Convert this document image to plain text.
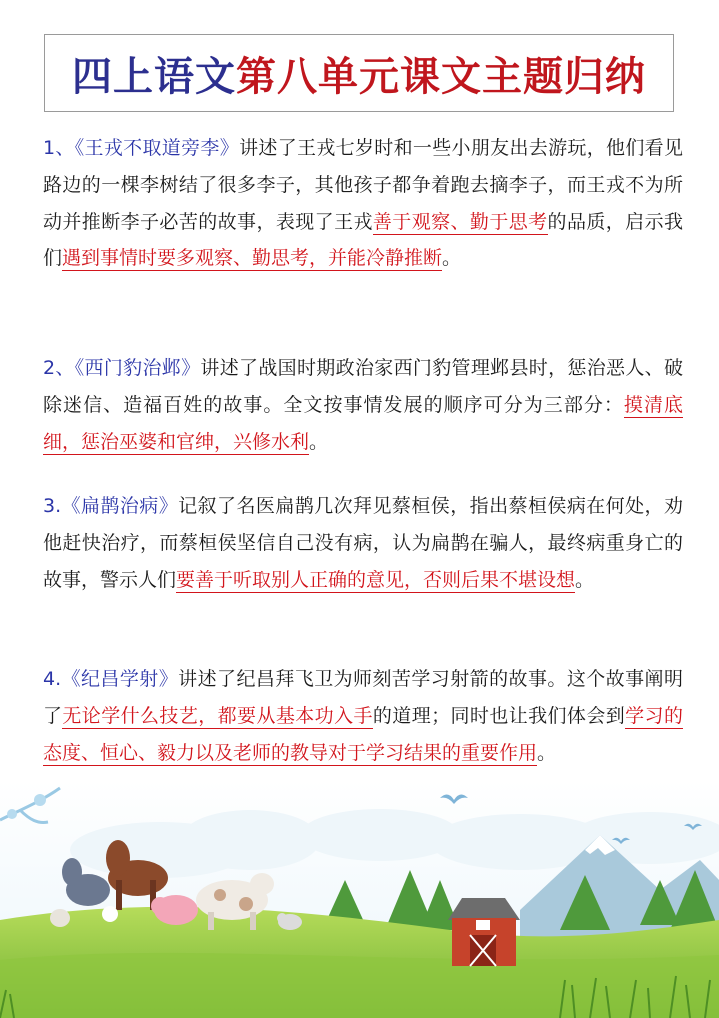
四上语文第八单元课文主题归纳

1、《王戎不取道旁李》讲述了王戎七岁时和一些小朋友出去游玩，他们看见路边的一棵李树结了很多李子，其他孩子都争着跑去摘李子，而王戎不为所动并推断李子必苦的故事，表现了王戎善于观察、勤于思考的品质，启示我们遇到事情时要多观察、勤思考，并能冷静推断。

2、《西门豹治邺》讲述了战国时期政治家西门豹管理邺县时，惩治恶人、破除迷信、造福百姓的故事。全文按事情发展的顺序可分为三部分：摸清底细，惩治巫婆和官绅，兴修水利。

3.《扁鹊治病》记叙了名医扁鹊几次拜见蔡桓侯，指出蔡桓侯病在何处，劝他赶快治疗，而蔡桓侯坚信自己没有病，认为扁鹊在骗人，最终病重身亡的故事，警示人们要善于听取别人正确的意见，否则后果不堪设想。

4.《纪昌学射》讲述了纪昌拜飞卫为师刻苦学习射箭的故事。这个故事阐明了无论学什么技艺，都要从基本功入手的道理；同时也让我们体会到学习的态度、恒心、毅力以及老师的教导对于学习结果的重要作用。
